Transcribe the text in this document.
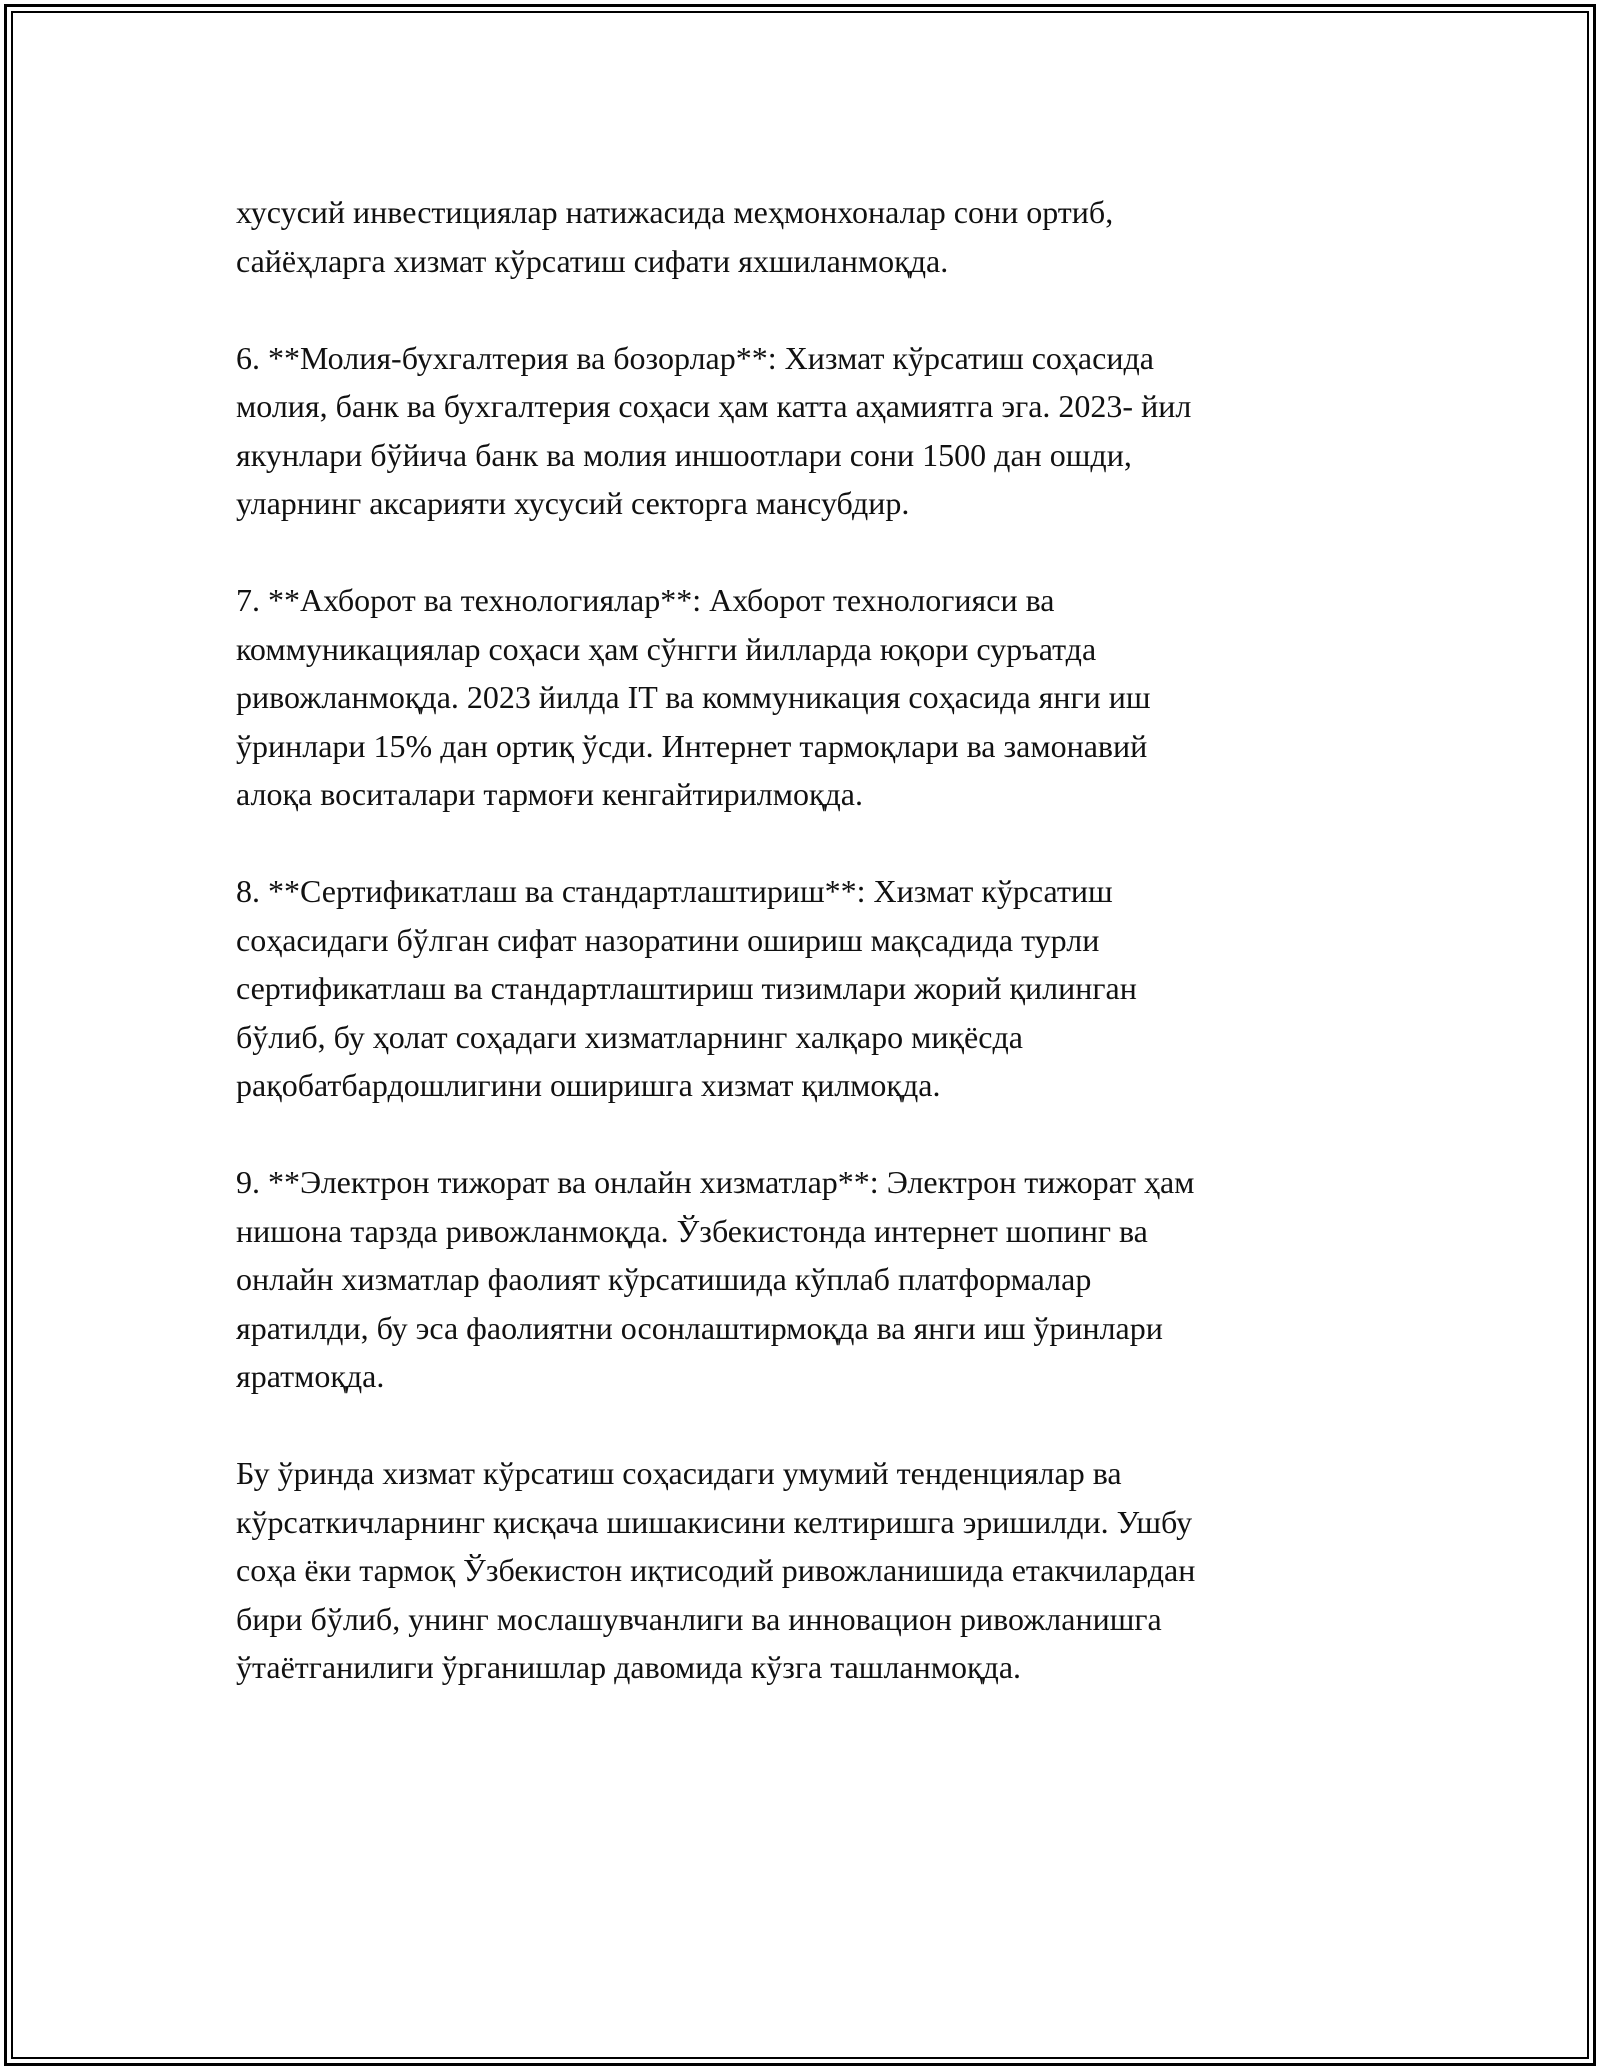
хусусий инвестициялар натижасида меҳмонхоналар сони ортиб,
сайёҳларга хизмат кўрсатиш сифати яхшиланмоқда.

6. **Молия-бухгалтерия ва бозорлар**: Хизмат кўрсатиш соҳасида
молия, банк ва бухгалтерия соҳаси ҳам катта аҳамиятга эга. 2023- йил
якунлари бўйича банк ва молия иншоотлари сони 1500 дан ошди,
уларнинг аксарияти хусусий секторга мансубдир.

7. **Ахборот ва технологиялар**: Ахборот технологияси ва
коммуникациялар соҳаси ҳам сўнгги йилларда юқори суръатда
ривожланмоқда. 2023 йилда IT ва коммуникация соҳасида янги иш
ўринлари 15% дан ортиқ ўсди. Интернет тармоқлари ва замонавий
алоқа воситалари тармоғи кенгайтирилмоқда.

8. **Сертификатлаш ва стандартлаштириш**: Хизмат кўрсатиш
соҳасидаги бўлган сифат назоратини ошириш мақсадида турли
сертификатлаш ва стандартлаштириш тизимлари жорий қилинган
бўлиб, бу ҳолат соҳадаги хизматларнинг халқаро миқёсда
рақобатбардошлигини оширишга хизмат қилмоқда.

9. **Электрон тижорат ва онлайн хизматлар**: Электрон тижорат ҳам
нишона тарзда ривожланмоқда. Ўзбекистонда интернет шопинг ва
онлайн хизматлар фаолият кўрсатишида кўплаб платформалар
яратилди, бу эса фаолиятни осонлаштирмоқда ва янги иш ўринлари
яратмоқда.

Бу ўринда хизмат кўрсатиш соҳасидаги умумий тенденциялар ва
кўрсаткичларнинг қисқача шишакисини келтиришга эришилди. Ушбу
соҳа ёки тармоқ Ўзбекистон иқтисодий ривожланишида етакчилардан
бири бўлиб, унинг мослашувчанлиги ва инновацион ривожланишга
ўтаётганилиги ўрганишлар давомида кўзга ташланмоқда.
